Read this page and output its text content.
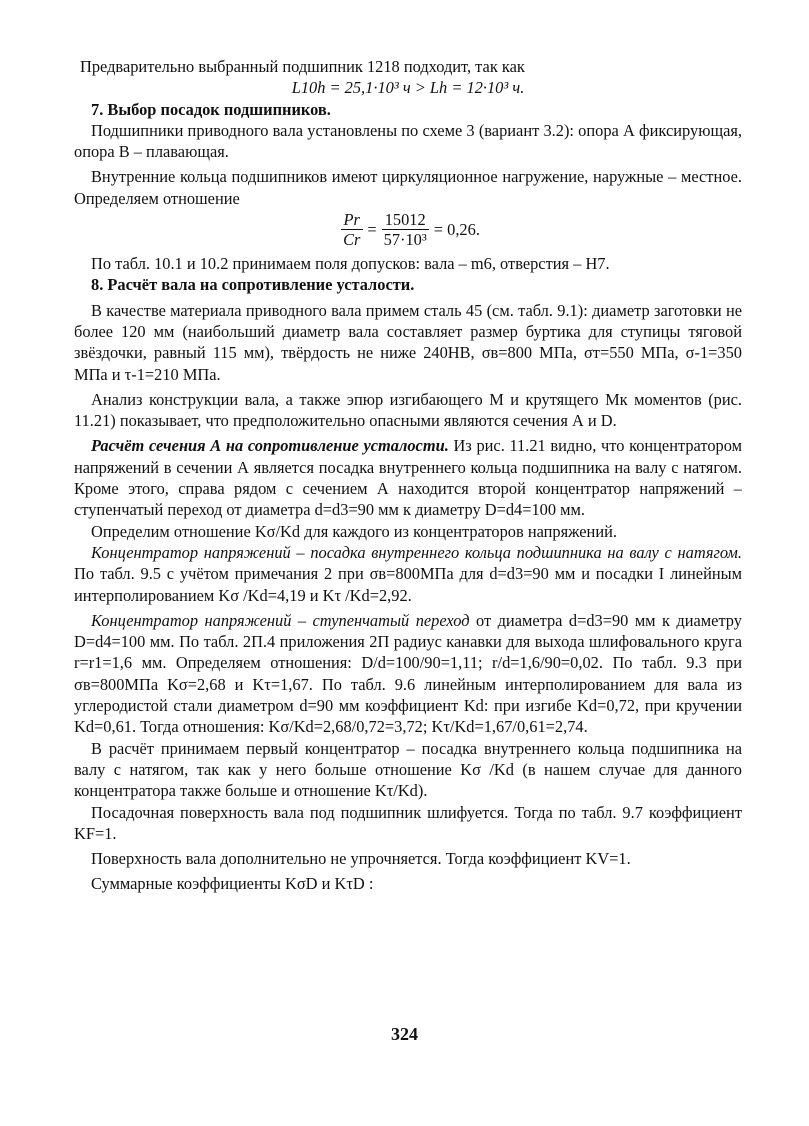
Предварительно выбранный подшипник 1218 подходит, так как

L10h = 25,1·10³ ч > Lh = 12·10³ ч.

7. Выбор посадок подшипников.

Подшипники приводного вала установлены по схеме 3 (вариант 3.2): опора А фиксирующая, опора В – плавающая.

Внутренние кольца подшипников имеют циркуляционное нагружение, наружные – местное. Определяем отношение

$\frac{Pr}{Cr} = \frac{15012}{\text{57·10³}} = 0,26$.

По табл. 10.1 и 10.2 принимаем поля допусков: вала – m6, отверстия – H7.

8. Расчёт вала на сопротивление усталости.

В качестве материала приводного вала примем сталь 45 (см. табл. 9.1): диаметр заготовки не более 120 мм (наибольший диаметр вала составляет размер буртика для ступицы тяговой звёздочки, равный 115 мм), твёрдость не ниже 240HB, σв=800 МПа, σт=550 МПа, σ-1=350 МПа и τ-1=210 МПа.

Анализ конструкции вала, а также эпюр изгибающего М и крутящего Мк моментов (рис. 11.21) показывает, что предположительно опасными являются сечения А и D.

Расчёт сечения А на сопротивление усталости. Из рис. 11.21 видно, что концентратором напряжений в сечении А является посадка внутреннего кольца подшипника на валу с натягом. Кроме этого, справа рядом с сечением А находится второй концентратор напряжений – ступенчатый переход от диаметра d=d3=90 мм к диаметру D=d4=100 мм.

Определим отношение Kσ/Kd для каждого из концентраторов напряжений.

Концентратор напряжений – посадка внутреннего кольца подшипника на валу с натягом. По табл. 9.5 с учётом примечания 2 при σв=800МПа для d=d3=90 мм и посадки I линейным интерполированием Kσ /Kd=4,19 и Kτ /Kd=2,92.

Концентратор напряжений – ступенчатый переход от диаметра d=d3=90 мм к диаметру D=d4=100 мм. По табл. 2П.4 приложения 2П радиус канавки для выхода шлифовального круга r=r1=1,6 мм. Определяем отношения: D/d=100/90=1,11; r/d=1,6/90=0,02. По табл. 9.3 при σв=800МПа Kσ=2,68 и Kτ=1,67. По табл. 9.6 линейным интерполированием для вала из углеродистой стали диаметром d=90 мм коэффициент Kd: при изгибе Kd=0,72, при кручении Kd=0,61. Тогда отношения: Kσ/Kd=2,68/0,72=3,72; Kτ/Kd=1,67/0,61=2,74.

В расчёт принимаем первый концентратор – посадка внутреннего кольца подшипника на валу с натягом, так как у него больше отношение Kσ /Kd (в нашем случае для данного концентратора также больше и отношение Kτ/Kd).

Посадочная поверхность вала под подшипник шлифуется. Тогда по табл. 9.7 коэффициент KF=1.

Поверхность вала дополнительно не упрочняется. Тогда коэффициент KV=1.

Суммарные коэффициенты KσD и KτD :

324
